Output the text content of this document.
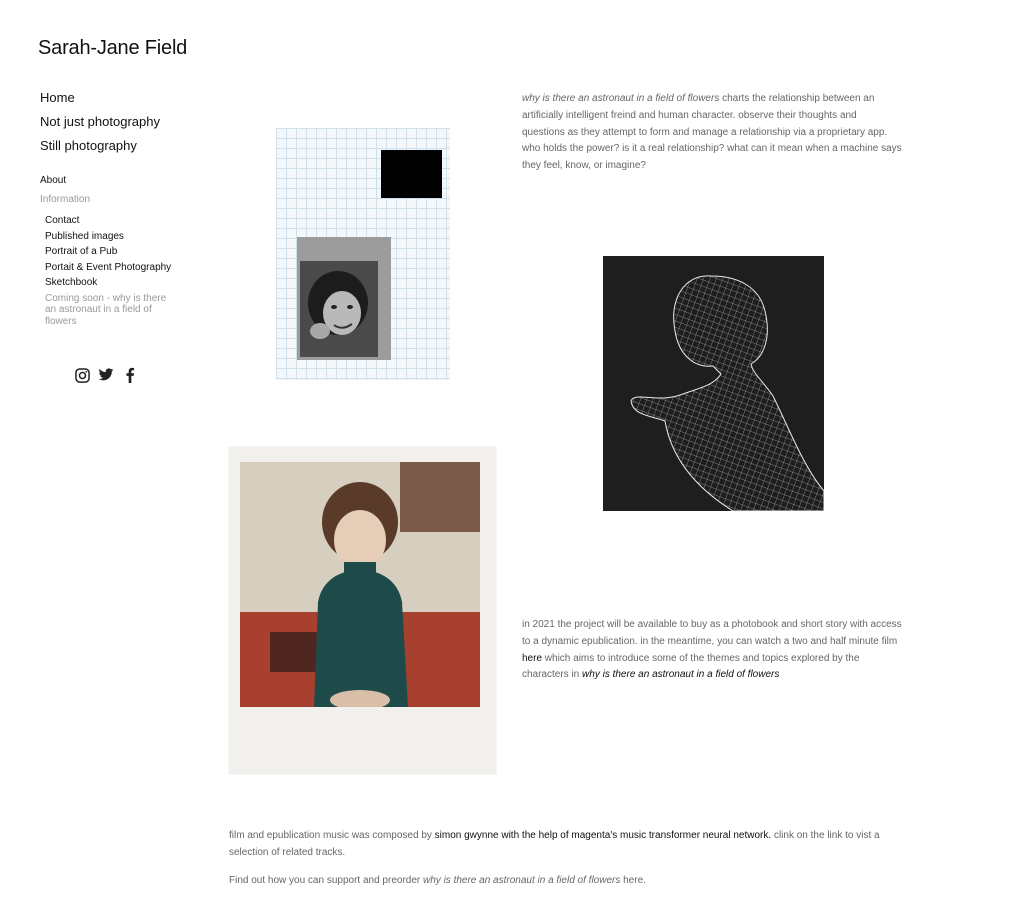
Sarah-Jane Field
Home
Not just photography
Still photography
About
Information
Contact
Published images
Portrait of a Pub
Portait & Event Photography
Sketchbook
Coming soon - why is there an astronaut in a field of flowers

why is there an astronaut in a field of flowers charts the relationship between an artificially intelligent freind and human character. observe their thoughts and questions as they attempt to form and manage a relationship via a proprietary app. who holds the power? is it a real relationship? what can it mean when a machine says they feel, know, or imagine?

in 2021 the project will be available to buy as a photobook and short story with access to a dynamic epublication. in the meantime, you can watch a two and half minute film here which aims to introduce some of the themes and topics explored by the characters in why is there an astronaut in a field of flowers

film and epublication music was composed by simon gwynne with the help of magenta's music transformer neural network. clink on the link to vist a selection of related tracks.

Find out how you can support and preorder why is there an astronaut in a field of flowers here.
